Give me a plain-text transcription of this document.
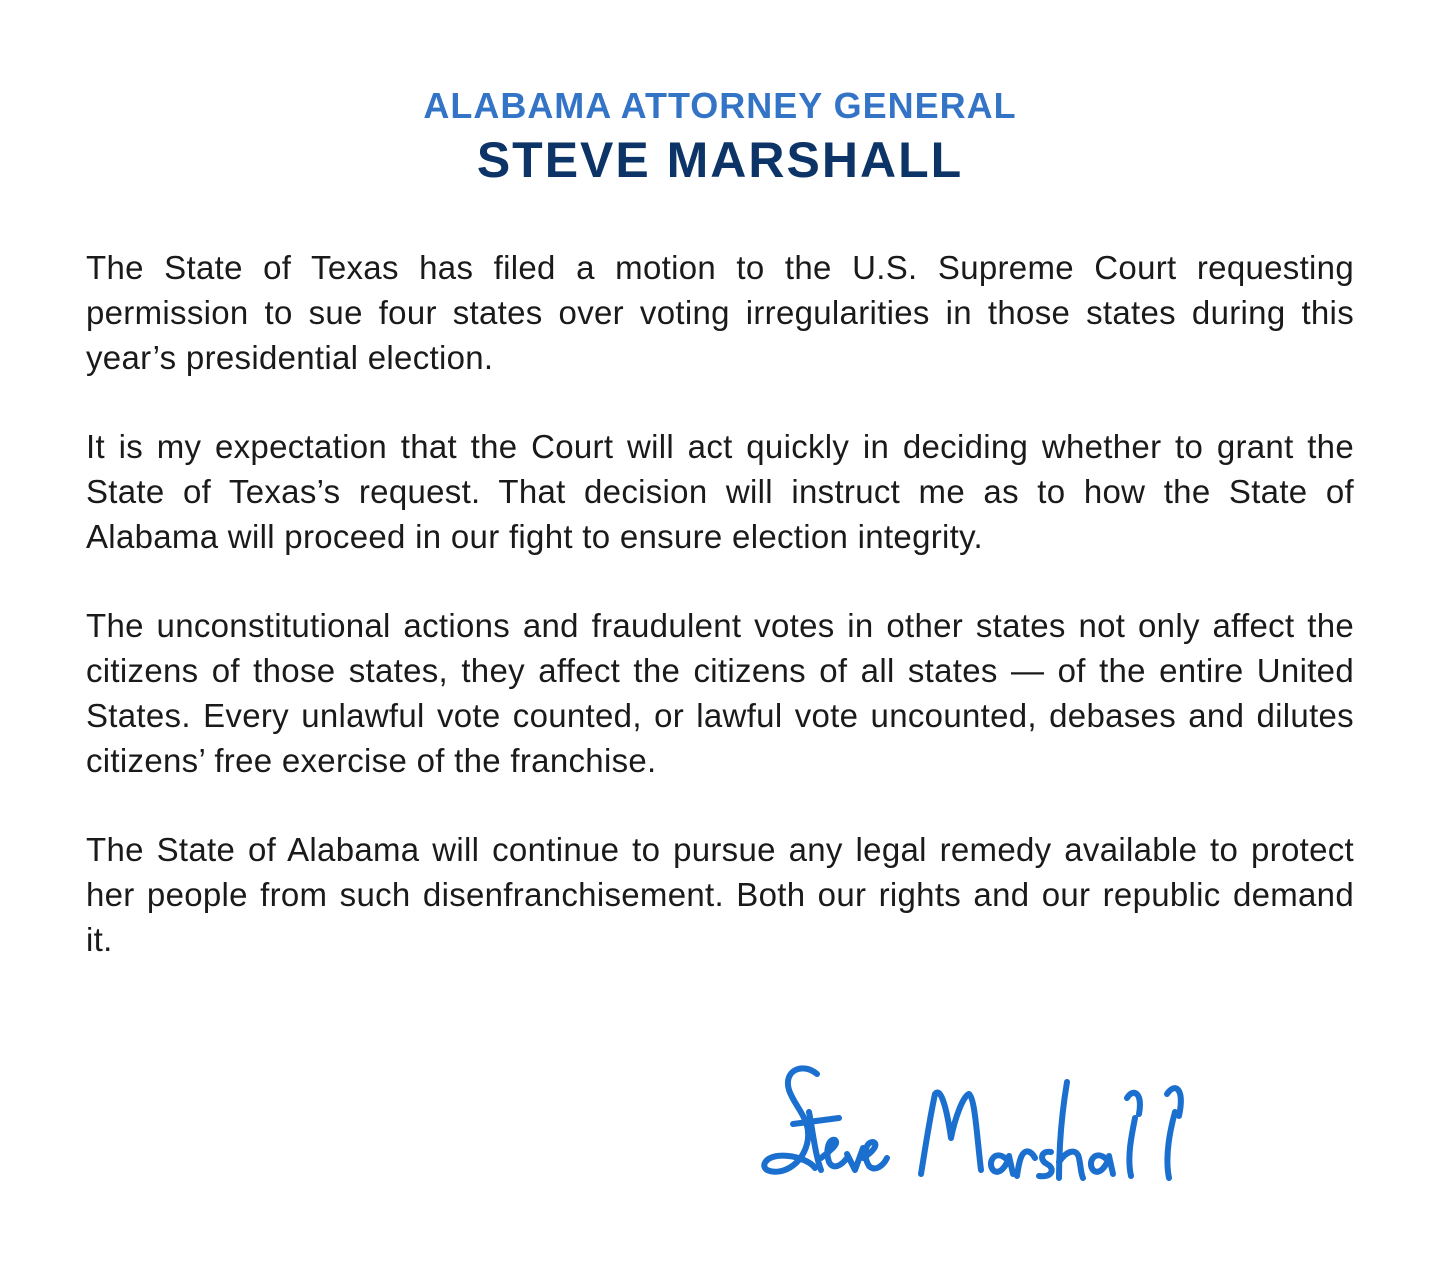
ALABAMA ATTORNEY GENERAL
STEVE MARSHALL

The State of Texas has filed a motion to the U.S. Supreme Court requesting permission to sue four states over voting irregularities in those states during this year’s presidential election.

It is my expectation that the Court will act quickly in deciding whether to grant the State of Texas’s request. That decision will instruct me as to how the State of Alabama will proceed in our fight to ensure election integrity.

The unconstitutional actions and fraudulent votes in other states not only affect the citizens of those states, they affect the citizens of all states — of the entire United States. Every unlawful vote counted, or lawful vote uncounted, debases and dilutes citizens’ free exercise of the franchise.

The State of Alabama will continue to pursue any legal remedy available to protect her people from such disenfranchisement. Both our rights and our republic demand it.
